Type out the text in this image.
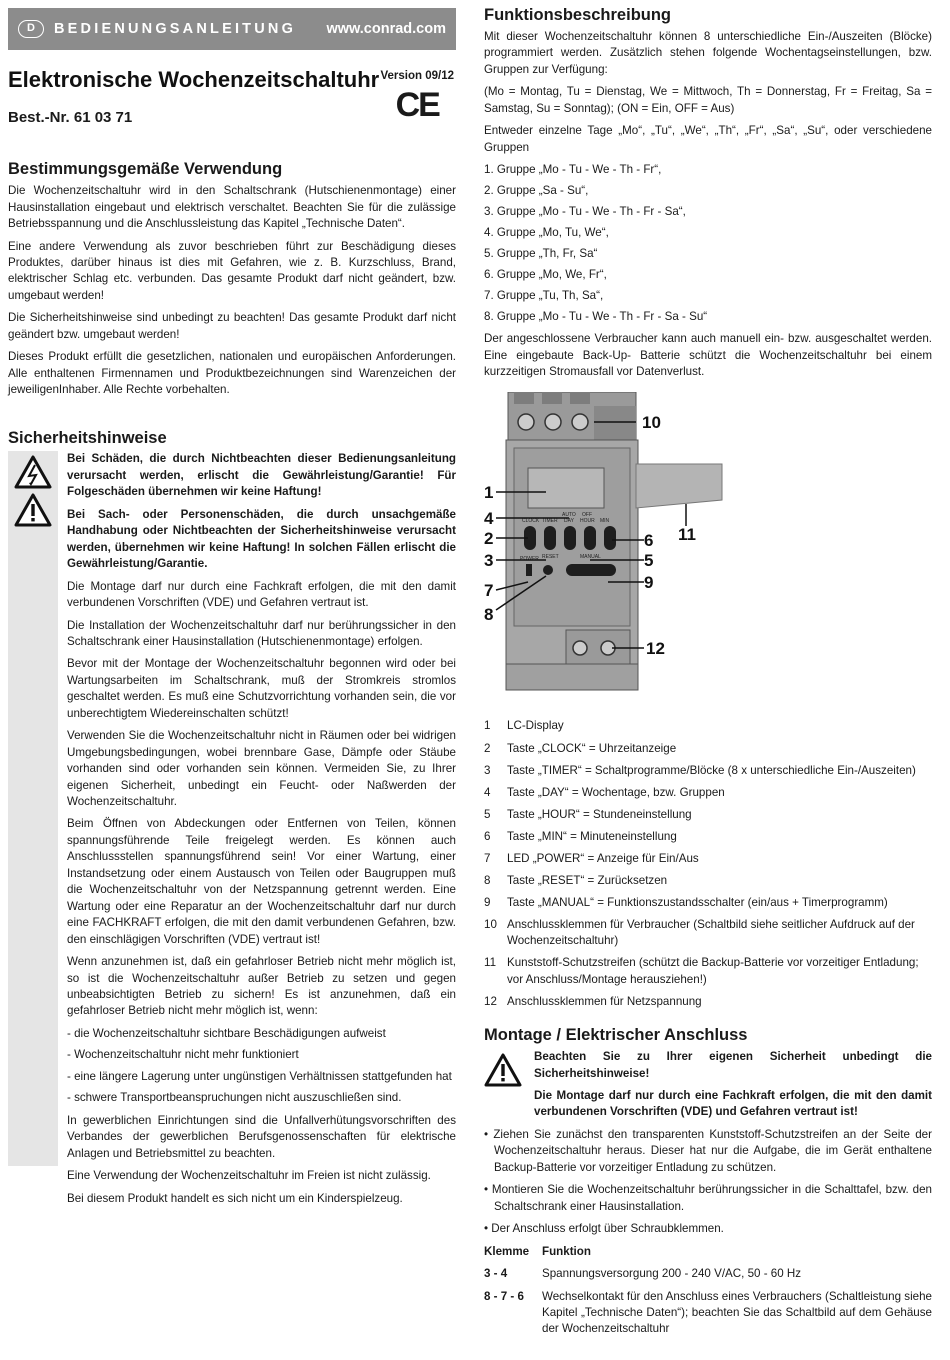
D	BEDIENUNGSANLEITUNG	www.conrad.com
Elektronische Wochenzeitschaltuhr
Best.-Nr. 61 03 71
Version 09/12
CE
Bestimmungsgemäße Verwendung

Die Wochenzeitschaltuhr wird in den Schaltschrank (Hutschienenmontage) einer Hausinstallation eingebaut und elektrisch verschaltet. Beachten Sie für die zulässige Betriebsspannung und die Anschlussleistung das Kapitel „Technische Daten“.

Eine andere Verwendung als zuvor beschrieben führt zur Beschädigung dieses Produktes, darüber hinaus ist dies mit Gefahren, wie z. B. Kurzschluss, Brand, elektrischer Schlag etc. verbunden. Das gesamte Produkt darf nicht geändert, bzw. umgebaut werden!

Die Sicherheitshinweise sind unbedingt zu beachten! Das gesamte Produkt darf nicht geändert bzw. umgebaut werden!

Dieses Produkt erfüllt die gesetzlichen, nationalen und europäischen Anforderungen. Alle enthaltenen Firmennamen und Produktbezeichnungen sind Warenzeichen der jeweiligenInhaber. Alle Rechte vorbehalten.

Sicherheitshinweise

Bei Schäden, die durch Nichtbeachten dieser Bedienungsanleitung verursacht werden, erlischt die Gewährleistung/Garantie! Für Folgeschäden übernehmen wir keine Haftung!

Bei Sach- oder Personenschäden, die durch unsachgemäße Handhabung oder Nichtbeachten der Sicherheitshinweise verursacht werden, übernehmen wir keine Haftung! In solchen Fällen erlischt die Gewährleistung/Garantie.

Die Montage darf nur durch eine Fachkraft erfolgen, die mit den damit verbundenen Vorschriften (VDE) und Gefahren vertraut ist.

Die Installation der Wochenzeitschaltuhr darf nur berührungssicher in den Schaltschrank einer Hausinstallation (Hutschienenmontage) erfolgen.

Bevor mit der Montage der Wochenzeitschaltuhr begonnen wird oder bei Wartungsarbeiten im Schaltschrank, muß der Stromkreis stromlos geschaltet werden. Es muß eine Schutzvorrichtung vorhanden sein, die vor unberechtigtem Wiedereinschalten schützt!

Verwenden Sie die Wochenzeitschaltuhr nicht in Räumen oder bei widrigen Umgebungsbedingungen, wobei brennbare Gase, Dämpfe oder Stäube vorhanden sind oder vorhanden sein können. Vermeiden Sie, zu Ihrer eigenen Sicherheit, unbedingt ein Feucht- oder Naßwerden der Wochenzeitschaltuhr.

Beim Öffnen von Abdeckungen oder Entfernen von Teilen, können spannungsführende Teile freigelegt werden. Es können auch Anschlussstellen spannungsführend sein! Vor einer Wartung, einer Instandsetzung oder einem Austausch von Teilen oder Baugruppen muß die Wochenzeitschaltuhr von der Netzspannung getrennt werden. Eine Wartung oder eine Reparatur an der Wochenzeitschaltuhr darf nur durch eine FACHKRAFT erfolgen, die mit den damit verbundenen Gefahren, bzw. den einschlägigen Vorschriften (VDE) vertraut ist!

Wenn anzunehmen ist, daß ein gefahrloser Betrieb nicht mehr möglich ist, so ist die Wochenzeitschaltuhr außer Betrieb zu setzen und gegen unbeabsichtigten Betrieb zu sichern! Es ist anzunehmen, daß ein gefahrloser Betrieb nicht mehr möglich ist, wenn:

- die Wochenzeitschaltuhr sichtbare Beschädigungen aufweist
- Wochenzeitschaltuhr nicht mehr funktioniert
- eine längere Lagerung unter ungünstigen Verhältnissen stattgefunden hat
- schwere Transportbeanspruchungen nicht auszuschließen sind.

In gewerblichen Einrichtungen sind die Unfallverhütungsvorschriften des Verbandes der gewerblichen Berufsgenossenschaften für elektrische Anlagen und Betriebsmittel zu beachten.

Eine Verwendung der Wochenzeitschaltuhr im Freien ist nicht zulässig.

Bei diesem Produkt handelt es sich nicht um ein Kinderspielzeug.

Funktionsbeschreibung

Mit dieser Wochenzeitschaltuhr können 8 unterschiedliche Ein-/Auszeiten (Blöcke) programmiert werden. Zusätzlich stehen folgende Wochentagseinstellungen, bzw. Gruppen zur Verfügung:

(Mo = Montag, Tu = Dienstag, We = Mittwoch, Th = Donnerstag, Fr = Freitag, Sa = Samstag, Su = Sonntag); (ON = Ein, OFF = Aus)

Entweder einzelne Tage „Mo“, „Tu“, „We“, „Th“, „Fr“, „Sa“, „Su“, oder verschiedene Gruppen

1. Gruppe „Mo - Tu - We - Th - Fr“,
2. Gruppe „Sa - Su“,
3. Gruppe „Mo - Tu - We - Th - Fr - Sa“,
4. Gruppe „Mo, Tu, We“,
5. Gruppe „Th, Fr, Sa“
6. Gruppe „Mo, We, Fr“,
7. Gruppe „Tu, Th, Sa“,
8. Gruppe „Mo - Tu - We - Th - Fr - Sa - Su“

Der angeschlossene Verbraucher kann auch manuell ein- bzw. ausgeschaltet werden. Eine eingebaute Back-Up- Batterie schützt die Wochenzeitschaltuhr bei einem kurzzeitigen Stromausfall vor Datenverlust.

CLOCK TIMER
AUTO
DAY
OFF
HOUR MIN
POWER RESET	MANUAL
10
1
4
2
3
7
8
6
5
9
11
12
1	LC-Display
2	Taste „CLOCK“ = Uhrzeitanzeige
3	Taste „TIMER“ = Schaltprogramme/Blöcke (8 x unterschiedliche Ein-/Auszeiten)
4	Taste „DAY“ = Wochentage, bzw. Gruppen
5	Taste „HOUR“ = Stundeneinstellung
6	Taste „MIN“ = Minuteneinstellung
7	LED „POWER“ = Anzeige für Ein/Aus
8	Taste „RESET“ = Zurücksetzen
9	Taste „MANUAL“ = Funktionszustandsschalter (ein/aus + Timerprogramm)
10 Anschlussklemmen für Verbraucher (Schaltbild siehe seitlicher Aufdruck auf der Wochenzeitschaltuhr)
11 Kunststoff-Schutzstreifen (schützt die Backup-Batterie vor vorzeitiger Entladung; vor Anschluss/Montage herausziehen!)
12 Anschlussklemmen für Netzspannung
Montage / Elektrischer Anschluss

Beachten Sie zu Ihrer eigenen Sicherheit unbedingt die Sicherheitshinweise!

Die Montage darf nur durch eine Fachkraft erfolgen, die mit den damit verbundenen Vorschriften (VDE) und Gefahren vertraut ist!

• Ziehen Sie zunächst den transparenten Kunststoff-Schutzstreifen an der Seite der Wochenzeitschaltuhr heraus. Dieser hat nur die Aufgabe, die im Gerät enthaltene Backup-Batterie vor vorzeitiger Entladung zu schützen.
• Montieren Sie die Wochenzeitschaltuhr berührungssicher in die Schalttafel, bzw. den Schaltschrank einer Hausinstallation.
• Der Anschluss erfolgt über Schraubklemmen.
Klemme	Funktion
3 - 4	Spannungsversorgung 200 - 240 V/AC, 50 - 60 Hz
8 - 7 - 6	Wechselkontakt für den Anschluss eines Verbrauchers (Schaltleistung siehe Kapitel „Technische Daten“); beachten Sie das Schaltbild auf dem Gehäuse der Wochenzeitschaltuhr
